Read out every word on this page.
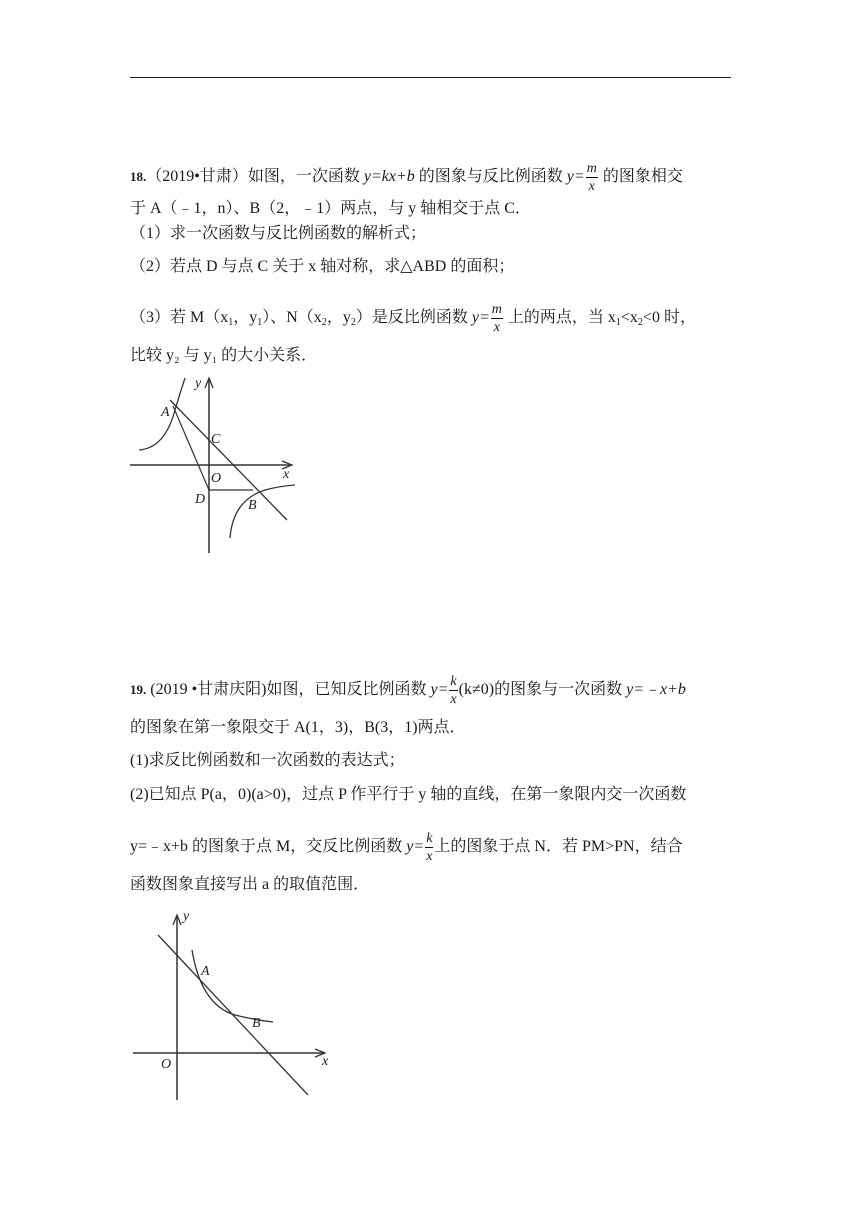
18.（2019•甘肃）如图，一次函数 y=kx+b 的图象与反比例函数 $y= \frac{m}{x}$ 的图象相交
于 A（﹣1，n）、B（2，﹣1）两点，与 y 轴相交于点 C．
（1）求一次函数与反比例函数的解析式；
（2）若点 D 与点 C 关于 x 轴对称，求△ABD 的面积；
（3）若 $M(x_1$，$y_1$）、$N(x_2$，$y_2$）是反比例函数 $y= \frac{m}{x}$ 上的两点，当 $x_1<x_2<0$ 时，
比较 y₂ 与 y₁ 的大小关系．
y
x
A
C
O
D	B
19. (2019 •甘肃庆阳)如图，已知反比例函数 $y= \frac{k}{x} (k\ne 0)$的图象与一次函数 y=﹣x+b
的图象在第一象限交于 A(1，3)，B(3，1)两点．
(1)求反比例函数和一次函数的表达式；
(2)已知点 P(a，0)(a>0)，过点 P 作平行于 y 轴的直线，在第一象限内交一次函数
y=﹣x+b 的图象于点 M，交反比例函数 $y= \frac{k}{x}$ 上的图象于点 N．若 PM>PN，结合
函数图象直接写出 a 的取值范围．
y
x
A
B
O
